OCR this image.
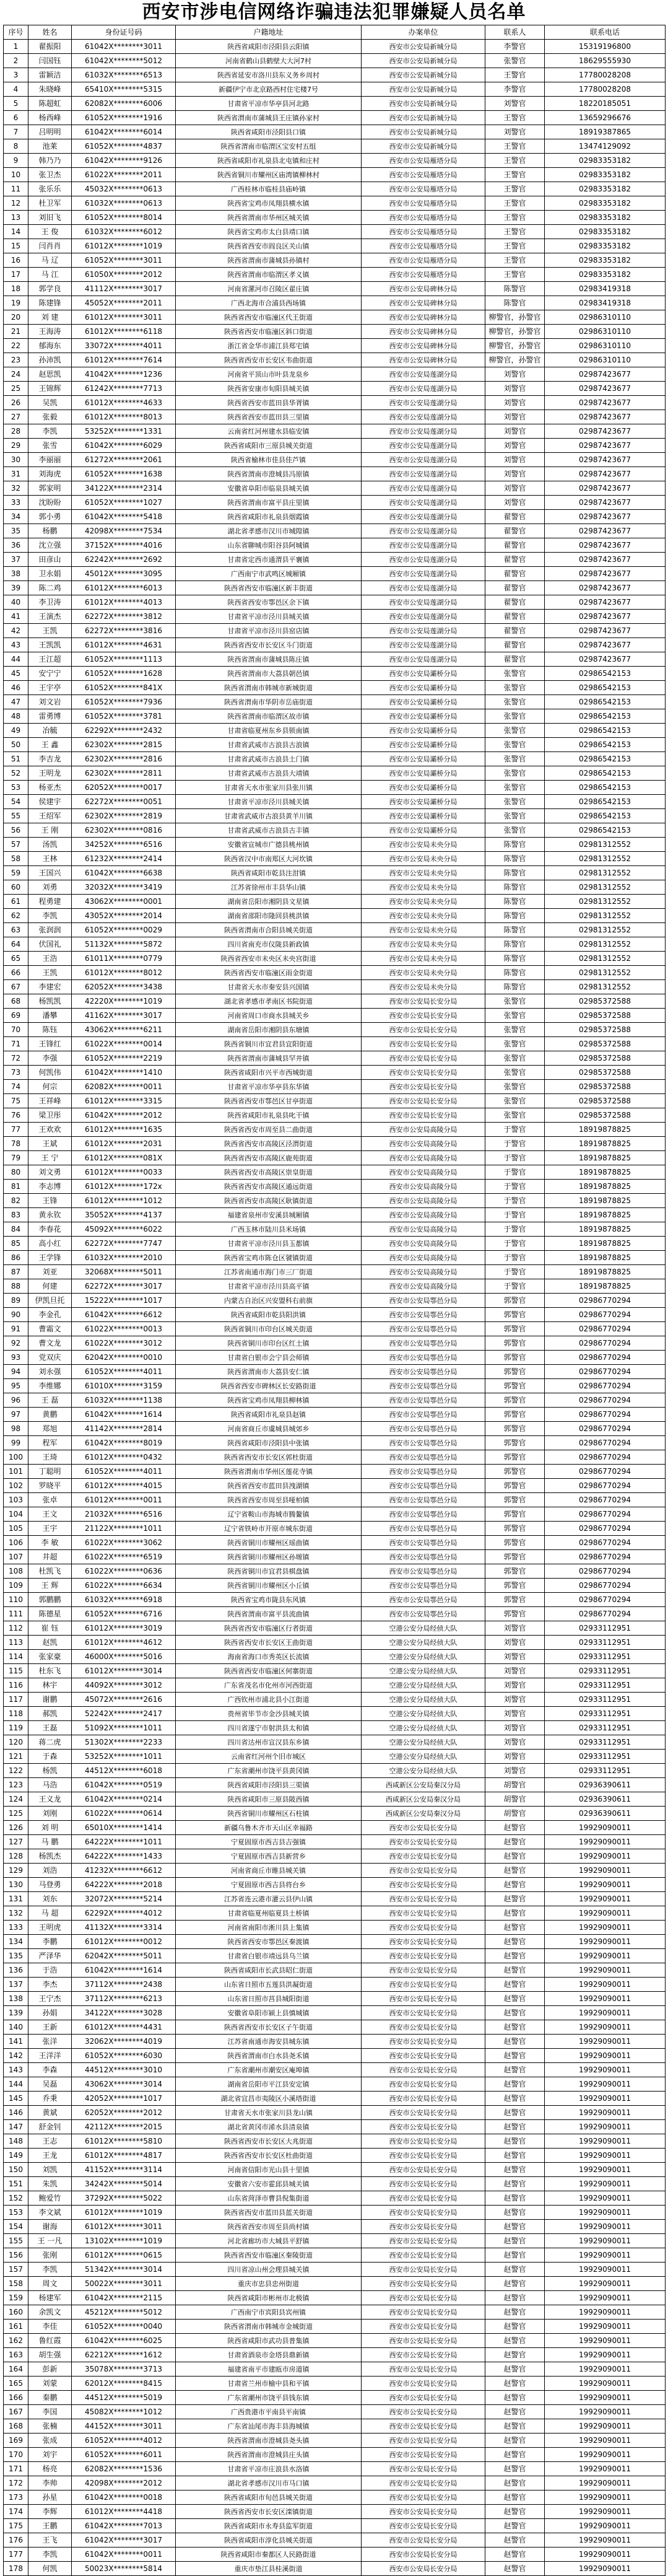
西安市涉电信网络诈骗违法犯罪嫌疑人员名单
序号	姓名	身份证号码	户籍地址	办案单位	联系人	联系电话
1	翟振阳	61042X********3011	陕西省咸阳市泾阳县云阳镇	西安市公安局新城分局	李警官	15319196800
2	闫国钰	61042X********5012	河南省鹤山县鹤壁大大河7村	西安市公安局新城分局	张警官	18629555930
3	雷颖洁	61032X********6513	陕西省延安市洛川县东义务乡周村	西安市公安局新城分局	王警官	17780028208
4	朱晓峰	65410X********5315	新疆伊宁市北京路西村住宅楼7号	西安市公安局新城分局	李警官	17780028208
5	陈超虹	62082X********6006	甘肃省平凉市华亭县河北路	西安市公安局新城分局	刘警官	18220185051
6	杨西峰	61052X********1916	陕西省渭南市蒲城县王庄镇孙家村	西安市公安局新城分局	王警官	13659296676
7	吕明明	61042X********6014	陕西省咸阳市泾阳县口镇	西安市公安局新城分局	刘警官	18919387865
8	池莱	61052X********4837	陕西省渭南市临渭区宝安村五组	西安市公安局新城分局	王警官	13474129092
9	韩乃乃	61042X********9126	陕西省咸阳市礼泉县北屯镇和庄村	西安市公安局雁塔分局	王警官	02983353182
10	张卫杰	61022X********2011	陕西省铜川市耀州区庙湾镇柳林村	西安市公安局雁塔分局	王警官	02983353182
11	张乐乐	45032X********0613	广西桂林市临桂县庙岭镇	西安市公安局雁塔分局	王警官	02983353182
12	杜卫军	61032X********0613	陕西省宝鸡市凤翔县横水镇	西安市公安局雁塔分局	王警官	02983353182
13	刘旧飞	61052X********8014	陕西省渭南市华州区城关镇	西安市公安局雁塔分局	王警官	02983353182
14	王 俊	61032X********6012	陕西省宝鸡市太白县靖口镇	西安市公安局雁塔分局	王警官	02983353182
15	闫肖肖	61012X********1019	陕西省西安市阎良区关山镇	西安市公安局雁塔分局	王警官	02983353182
16	马 辽	61052X********3011	陕西省渭南市蒲城县孙镇村	西安市公安局雁塔分局	王警官	02983353182
17	马 江	61050X********2012	陕西省渭南市临渭区孝义镇	西安市公安局雁塔分局	王警官	02983353182
18	郭学良	41112X********3017	河南省漯河市召陵区翟庄镇	西安市公安局碑林分局	陈警官	02983419318
19	陈建锋	45052X********2011	广西北海市合浦县西场镇	西安市公安局碑林分局	陈警官	02983419318
20	刘 建	61012X********3011	陕西省西安市临潼区代王街道	西安市公安局碑林分局	柳警官，孙警官	02986310110
21	王海涛	61012X********6118	陕西省西安市临潼区斜口街道	西安市公安局碑林分局	柳警官，孙警官	02986310110
22	郁海东	33072X********4011	浙江省金华市浦江县郑宅镇	西安市公安局碑林分局	柳警官，孙警官	02986310110
23	孙沛凯	61012X********7614	陕西省西安市长安区韦曲街道	西安市公安局碑林分局	柳警官，孙警官	02986310110
24	赵思凯	41042X********1236	河南省平顶山市叶县龙泉乡	西安市公安局莲湖分局	刘警官	02987423677
25	王锦辉	61242X********7713	陕西省安康市旬阳县城关镇	西安市公安局莲湖分局	刘警官	02987423677
26	吴凯	61012X********4633	陕西省西安市蓝田县华胥镇	西安市公安局莲湖分局	刘警官	02987423677
27	张毅	61012X********8013	陕西省西安市蓝田县三里镇	西安市公安局莲湖分局	刘警官	02987423677
28	李凯	53252X********1331	云南省红河州建水县临安镇	西安市公安局莲湖分局	刘警官	02987423677
29	张雪	61042X********6029	陕西省咸阳市三原县城关街道	西安市公安局莲湖分局	刘警官	02987423677
30	李丽丽	61272X********2061	陕西省榆林市佳县佳芦镇	西安市公安局莲湖分局	刘警官	02987423677
31	刘海虎	61052X********1638	陕西省渭南市澄城县冯原镇	西安市公安局莲湖分局	刘警官	02987423677
32	郭家明	34122X********2314	安徽省阜阳市临泉县城关镇	西安市公安局莲湖分局	刘警官	02987423677
33	沈盼盼	61052X********1027	陕西省渭南市富平县庄里镇	西安市公安局莲湖分局	刘警官	02987423677
34	郭小勇	61042X********5418	陕西省咸阳市礼泉县烟霞镇	西安市公安局莲湖分局	翟警官	02987423677
35	杨鹏	42098X********7534	湖北省孝感市汉川市城隍镇	西安市公安局莲湖分局	翟警官	02987423677
36	沈立强	37152X********4016	山东省聊城市阳谷县阿城镇	西安市公安局莲湖分局	翟警官	02987423677
37	田彦山	62242X********2692	甘肃省定西市通渭县平襄镇	西安市公安局莲湖分局	翟警官	02987423677
38	卫永娟	45012X********3095	广西南宁市武鸣区城厢镇	西安市公安局莲湖分局	翟警官	02987423677
39	陈二鸡	61012X********6013	陕西省西安市临潼区新丰街道	西安市公安局莲湖分局	翟警官	02987423677
40	李卫涛	61012X********4013	陕西省西安市鄠邑区余下镇	西安市公安局莲湖分局	翟警官	02987423677
41	王演杰	62272X********3812	甘肃省平凉市泾川县城关镇	西安市公安局莲湖分局	翟警官	02987423677
42	王凯	62272X********3816	甘肃省平凉市泾川县窑店镇	西安市公安局莲湖分局	翟警官	02987423677
43	王凯凯	61012X********4631	陕西省西安市长安区斗门街道	西安市公安局莲湖分局	翟警官	02987423677
44	王江超	61052X********1113	陕西省渭南市蒲城县陈庄镇	西安市公安局莲湖分局	翟警官	02987423677
45	安宁宁	61052X********1628	陕西省渭南市大荔县朝邑镇	西安市公安局灞桥分局	张警官	02986542153
46	王宇亭	61052X********841X	陕西省渭南市韩城市新城街道	西安市公安局灞桥分局	张警官	02986542153
47	刘文岩	61052X********7936	陕西省渭南市华阴市岳庙街道	西安市公安局灞桥分局	张警官	02986542153
48	雷勇博	61052X********3781	陕西省渭南市临渭区故市镇	西安市公安局灞桥分局	张警官	02986542153
49	冶毓	62292X********2432	甘肃省临夏州东乡县锁南镇	西安市公安局灞桥分局	张警官	02986542153
50	王 鑫	62302X********2815	甘肃省武威市古浪县古浪镇	西安市公安局灞桥分局	张警官	02986542153
51	李吉龙	62302X********2816	甘肃省武威市古浪县土门镇	西安市公安局灞桥分局	张警官	02986542153
52	王明龙	62302X********2811	甘肃省武威市古浪县大靖镇	西安市公安局灞桥分局	张警官	02986542153
53	杨亚杰	62052X********0017	甘肃省天水市张家川县张川镇	西安市公安局灞桥分局	张警官	02986542153
54	侯建宇	62272X********0051	甘肃省平凉市泾川县城关镇	西安市公安局灞桥分局	张警官	02986542153
55	王绍军	62302X********2819	甘肃省武威市古浪县黄羊川镇	西安市公安局灞桥分局	张警官	02986542153
56	王 刚	62302X********0816	甘肃省武威市古浪县古丰镇	西安市公安局灞桥分局	张警官	02986542153
57	汤凯	34252X********6516	安徽省宣城市广德县桃州镇	西安市公安局未央分局	陈警官	02981312552
58	王林	61232X********2414	陕西省汉中市南郑区大河坎镇	西安市公安局未央分局	陈警官	02981312552
59	王国兴	61042X********6638	陕西省咸阳市乾县注泔镇	西安市公安局未央分局	陈警官	02981312552
60	刘勇	32032X********3419	江苏省徐州市丰县华山镇	西安市公安局未央分局	陈警官	02981312552
61	程勇建	43062X********0001	湖南省岳阳市湘阴县文星镇	西安市公安局未央分局	陈警官	02981312552
62	李凯	43052X********2014	湖南省邵阳市隆回县桃洪镇	西安市公安局未央分局	陈警官	02981312552
63	张润润	61052X********0029	陕西省渭南市合阳县城关街道	西安市公安局未央分局	陈警官	02981312552
64	伏国礼	51132X********5872	四川省南充市仪陇县新政镇	西安市公安局未央分局	陈警官	02981312552
65	王浩	61011X********0779	陕西省西安市未央区未央宫街道	西安市公安局未央分局	陈警官	02981312552
66	王凯	61012X********8012	陕西省西安市临潼区雨金街道	西安市公安局未央分局	陈警官	02981312552
67	李建宏	62052X********3438	甘肃省天水市秦安县兴国镇	西安市公安局未央分局	陈警官	02981312552
68	杨凯凯	42220X********1019	湖北省孝感市孝南区书院街道	西安市公安局长安分局	张警官	02985372588
69	潘攀	41162X********3017	河南省周口市商水县城关乡	西安市公安局长安分局	张警官	02985372588
70	陈钰	43062X********6211	湖南省岳阳市湘阴县东塘镇	西安市公安局长安分局	张警官	02985372588
71	王锋红	61022X********0014	陕西省铜川市宜君县宜阳街道	西安市公安局长安分局	张警官	02985372588
72	李强	61052X********2219	陕西省渭南市蒲城县罕井镇	西安市公安局长安分局	张警官	02985372588
73	何凯伟	61042X********1410	陕西省咸阳市兴平市西城街道	西安市公安局长安分局	张警官	02985372588
74	何宗	62082X********0011	甘肃省平凉市华亭县东华镇	西安市公安局长安分局	张警官	02985372588
75	王祥峰	61012X********3315	陕西省西安市鄠邑区甘亭街道	西安市公安局长安分局	张警官	02985372588
76	梁卫彤	61042X********2012	陕西省咸阳市礼泉县叱干镇	西安市公安局长安分局	张警官	02985372588
77	王欢欢	61012X********1635	陕西省西安市周至县二曲街道	西安市公安局高陵分局	于警官	18919878825
78	王斌	61012X********2031	陕西省西安市高陵区泾渭街道	西安市公安局高陵分局	于警官	18919878825
79	王 宁	61012X********081X	陕西省西安市高陵区鹿苑街道	西安市公安局高陵分局	于警官	18919878825
80	刘文勇	61012X********0033	陕西省西安市高陵区崇皇街道	西安市公安局高陵分局	于警官	18919878825
81	李志博	61012X********172x	陕西省西安市高陵区通远街道	西安市公安局高陵分局	于警官	18919878825
82	王锋	61012X********1012	陕西省西安市高陵区耿镇街道	西安市公安局高陵分局	于警官	18919878825
83	黄永钦	35052X********4137	福建省泉州市安溪县城厢镇	西安市公安局高陵分局	于警官	18919878825
84	李春花	45092X********6022	广西玉林市陆川县米场镇	西安市公安局高陵分局	于警官	18919878825
85	高小红	62272X********7747	甘肃省平凉市泾川县玉都镇	西安市公安局高陵分局	于警官	18919878825
86	王学锋	61032X********2010	陕西省宝鸡市陈仓区虢镇街道	西安市公安局高陵分局	于警官	18919878825
87	刘亚	32068X********5011	江苏省南通市海门市三厂街道	西安市公安局高陵分局	于警官	18919878825
88	何建	62272X********3017	甘肃省平凉市泾川县高平镇	西安市公安局高陵分局	于警官	18919878825
89	伊凯旦托	15222X********1017	内蒙古自治区兴安盟科右前旗	西安市公安局鄠邑分局	郭警官	02986770294
90	李金孔	61042X********6612	陕西省咸阳市乾县阳洪镇	西安市公安局鄠邑分局	郭警官	02986770294
91	曹霜文	61022X********0013	陕西省铜川市印台区城关街道	西安市公安局鄠邑分局	郭警官	02986770294
92	曹文龙	61022X********3012	陕西省铜川市印台区红土镇	西安市公安局鄠邑分局	郭警官	02986770294
93	党双庆	62042X********0010	甘肃省白银市会宁县会师镇	西安市公安局鄠邑分局	郭警官	02986770294
94	刘永强	61052X********4011	陕西省渭南市大荔县安仁镇	西安市公安局鄠邑分局	郭警官	02986770294
95	李维娜	61010X********3159	陕西省西安市碑林区长安路街道	西安市公安局鄠邑分局	郭警官	02986770294
96	王 磊	61032X********1138	陕西省宝鸡市凤翔县柳林镇	西安市公安局鄠邑分局	郭警官	02986770294
97	黄鹏	61042X********1614	陕西省咸阳市礼泉县赵镇	西安市公安局鄠邑分局	郭警官	02986770294
98	郑旭	41142X********2814	河南省商丘市虞城县城郊乡	西安市公安局鄠邑分局	郭警官	02986770294
99	程军	61042X********8019	陕西省咸阳市泾阳县中张镇	西安市公安局鄠邑分局	郭警官	02986770294
100	王琦	61012X********0432	陕西省西安市长安区郭杜街道	西安市公安局鄠邑分局	郭警官	02986770294
101	丁聪明	61052X********4011	陕西省渭南市华州区莲花寺镇	西安市公安局鄠邑分局	郭警官	02986770294
102	罗晓平	61012X********4015	陕西省西安市蓝田县洩湖镇	西安市公安局鄠邑分局	郭警官	02986770294
103	张卓	61012X********0011	陕西省西安市周至县哑柏镇	西安市公安局鄠邑分局	郭警官	02986770294
104	王文	21032X********6516	辽宁省鞍山市海城市腾鳌镇	西安市公安局鄠邑分局	郭警官	02986770294
105	王宇	21122X********1011	辽宁省铁岭市开原市城东街道	西安市公安局鄠邑分局	郭警官	02986770294
106	李 敏	61022X********3062	陕西省铜川市耀州区瑶曲镇	西安市公安局鄠邑分局	郭警官	02986770294
107	井超	61022X********6519	陕西省铜川市耀州区孙塬镇	西安市公安局鄠邑分局	郭警官	02986770294
108	杜凯飞	61022X********0636	陕西省铜川市宜君县棋盘镇	西安市公安局鄠邑分局	郭警官	02986770294
109	王 辉	61022X********6634	陕西省铜川市耀州区小丘镇	西安市公安局鄠邑分局	郭警官	02986770294
110	郭鹏鹏	61032X********6918	陕西省宝鸡市陇县东风镇	西安市公安局鄠邑分局	郭警官	02986770294
111	陈德星	61052X********6716	陕西省渭南市富平县流曲镇	西安市公安局鄠邑分局	郭警官	02986770294
112	崔 钰	61012X********3019	陕西省西安市临潼区行者街道	空港公安分局经侦大队	刘警官	02933112951
113	赵凯	61012X********4612	陕西省西安市长安区王曲街道	空港公安分局经侦大队	刘警官	02933112951
114	张家豪	46000X********5016	海南省海口市秀英区长流镇	空港公安分局经侦大队	刘警官	02933112951
115	杜东飞	61012X********3014	陕西省西安市临潼区何寨街道	空港公安分局经侦大队	刘警官	02933112951
116	林宇	44092X********3012	广东省茂名市化州市河西街道	空港公安分局经侦大队	刘警官	02933112951
117	谢鹏	45072X********2616	广西钦州市浦北县小江街道	空港公安分局经侦大队	刘警官	02933112951
118	郝凯	52242X********2417	贵州省毕节市金沙县城关镇	空港公安分局经侦大队	刘警官	02933112951
119	王磊	51092X********1011	四川省遂宁市射洪县太和镇	空港公安分局经侦大队	刘警官	02933112951
120	蒋二虎	51302X********2233	四川省达州市宣汉县东乡镇	空港公安分局经侦大队	刘警官	02933112951
121	于森	53252X********1011	云南省红河州个旧市城区	空港公安分局经侦大队	刘警官	02933112951
122	杨凯	44512X********6018	广东省潮州市饶平县黄冈镇	空港公安分局经侦大队	刘警官	02933112951
123	马浩	61042X********0519	陕西省咸阳市泾阳县三渠镇	西咸新区公安局秦汉分局	胡警官	02936390611
124	王义龙	61042X********0214	陕西省咸阳市三原县陂西镇	西咸新区公安局秦汉分局	胡警官	02936390611
125	刘刚	61022X********0614	陕西省铜川市耀州区石柱镇	西咸新区公安局秦汉分局	胡警官	02936390611
126	刘 明	65010X********1414	新疆乌鲁木齐市天山区幸福路	西安市公安局长安分局	赵警官	19929090011
127	马 鹏	64222X********1011	宁夏固原市西吉县吉强镇	西安市公安局长安分局	赵警官	19929090011
128	杨凯杰	64222X********1433	宁夏固原市西吉县新营乡	西安市公安局长安分局	赵警官	19929090011
129	刘浩	41232X********6612	河南省商丘市睢县城关镇	西安市公安局长安分局	赵警官	19929090011
130	马登勇	64222X********2018	宁夏固原市西吉县将台乡	西安市公安局长安分局	赵警官	19929090011
131	刘东	32072X********5214	江苏省连云港市灌云县伊山镇	西安市公安局长安分局	赵警官	19929090011
132	马 超	62292X********4012	甘肃省临夏州临夏县土桥镇	西安市公安局长安分局	赵警官	19929090011
133	王明虎	41132X********3314	河南省南阳市淅川县上集镇	西安市公安局长安分局	赵警官	19929090011
134	李鹏	61012X********0012	陕西省西安市鄠邑区秦渡镇	西安市公安局长安分局	赵警官	19929090011
135	严泽华	62042X********5011	甘肃省白银市靖远县乌兰镇	西安市公安局长安分局	赵警官	19929090011
136	于浩	61042X********1614	陕西省咸阳市长武县昭仁街道	西安市公安局长安分局	赵警官	19929090011
137	李杰	37112X********2438	山东省日照市五莲县洪凝街道	西安市公安局长安分局	赵警官	19929090011
138	王宁杰	37112X********6213	山东省日照市莒县城阳街道	西安市公安局长安分局	赵警官	19929090011
139	孙娟	34122X********3028	安徽省阜阳市颍上县慎城镇	西安市公安局长安分局	赵警官	19929090011
140	王新	61012X********4431	陕西省西安市长安区子午街道	西安市公安局长安分局	赵警官	19929090011
141	张洋	32062X********4019	江苏省南通市海安县城东镇	西安市公安局长安分局	赵警官	19929090011
142	王洋洋	61052X********6030	陕西省渭南市白水县尧禾镇	西安市公安局长安分局	赵警官	19929090011
143	李森	44512X********3010	广东省潮州市潮安区庵埠镇	西安市公安局长安分局	赵警官	19929090011
144	吴磊	43062X********3014	湖南省岳阳市平江县安定镇	西安市公安局长安分局	赵警官	19929090011
145	乔秉	42052X********1017	湖北省宜昌市夷陵区小溪塔街道	西安市公安局长安分局	赵警官	19929090011
146	黄斌	62052X********2012	甘肃省天水市张家川县龙山镇	西安市公安局长安分局	赵警官	19929090011
147	舒金钊	42112X********2015	湖北省黄冈市浠水县清泉镇	西安市公安局长安分局	赵警官	19929090011
148	王志	61012X********5810	陕西省西安市长安区大兆街道	西安市公安局长安分局	赵警官	19929090011
149	王龙	61012X********4817	陕西省西安市长安区杜曲街道	西安市公安局长安分局	赵警官	19929090011
150	刘凯	41152X********3114	河南省信阳市光山县十里镇	西安市公安局长安分局	赵警官	19929090011
151	朱凯	34242X********5014	安徽省六安市霍邱县城关镇	西安市公安局长安分局	赵警官	19929090011
152	鲍爱竹	37292X********5022	山东省菏泽市曹县倪集街道	西安市公安局长安分局	赵警官	19929090011
153	李文斌	61012X********1019	陕西省西安市蓝田县蓝关街道	西安市公安局长安分局	赵警官	19929090011
154	谢海	61012X********3011	陕西省西安市周至县尚村镇	西安市公安局长安分局	赵警官	19929090011
155	王 一凡	13102X********1019	河北省廊坊市大城县平舒镇	西安市公安局长安分局	赵警官	19929090011
156	张刚	61012X********0615	陕西省西安市临潼区秦陵街道	西安市公安局长安分局	赵警官	19929090011
157	李凯	51342X********3014	四川省凉山州会理县城关镇	西安市公安局长安分局	赵警官	19929090011
158	周文	50022X********3011	重庆市忠县忠州街道	西安市公安局长安分局	赵警官	19929090011
159	杨建军	61042X********2115	陕西省咸阳市彬州市北极镇	西安市公安局长安分局	赵警官	19929090011
160	余凯文	45212X********5012	广西南宁市宾阳县宾州镇	西安市公安局长安分局	赵警官	19929090011
161	李佳	61052X********0040	陕西省渭南市韩城市金城街道	西安市公安局长安分局	赵警官	19929090011
162	鲁红霞	61042X********6025	陕西省咸阳市武功县普集镇	西安市公安局长安分局	赵警官	19929090011
163	胡生强	62212X********1612	甘肃省酒泉市金塔县鼎新镇	西安市公安局长安分局	赵警官	19929090011
164	彭新	35078X********3713	福建省南平市建瓯市房道镇	西安市公安局长安分局	赵警官	19929090011
165	刘蒙	62012X********8415	甘肃省兰州市榆中县和平镇	西安市公安局长安分局	赵警官	19929090011
166	秦鹏	44512X********5019	广东省潮州市饶平县钱东镇	西安市公安局长安分局	赵警官	19929090011
167	李国	45082X********1012	广西贵港市平南县平南镇	西安市公安局长安分局	赵警官	19929090011
168	张楠	44152X********3011	广东省汕尾市海丰县海城镇	西安市公安局长安分局	赵警官	19929090011
169	张成	61052X********4012	陕西省渭南市澄城县尧头镇	西安市公安局长安分局	赵警官	19929090011
170	刘宇	61052X********6011	陕西省渭南市澄城县庄头镇	西安市公安局长安分局	赵警官	19929090011
171	杨亮	62082X********1536	甘肃省平凉市庄浪县水洛镇	西安市公安局长安分局	赵警官	19929090011
172	李帅	42098X********2012	湖北省孝感市汉川市马口镇	西安市公安局长安分局	赵警官	19929090011
173	孙星	61042X********0018	陕西省咸阳市旬邑县城关街道	西安市公安局长安分局	赵警官	19929090011
174	李辉	61012X********4418	陕西省西安市长安区滦镇街道	西安市公安局长安分局	赵警官	19929090011
175	王鹏	61042X********7013	陕西省咸阳市永寿县监军街道	西安市公安局长安分局	赵警官	19929090011
176	王飞	61042X********3017	陕西省咸阳市淳化县城关街道	西安市公安局长安分局	赵警官	19929090011
177	李凯	61042X********0011	陕西省咸阳市秦都区人民路街道	西安市公安局长安分局	赵警官	19929090011
178	何凯	50023X********5814	重庆市垫江县桂溪街道	西安市公安局长安分局	赵警官	19929090011
